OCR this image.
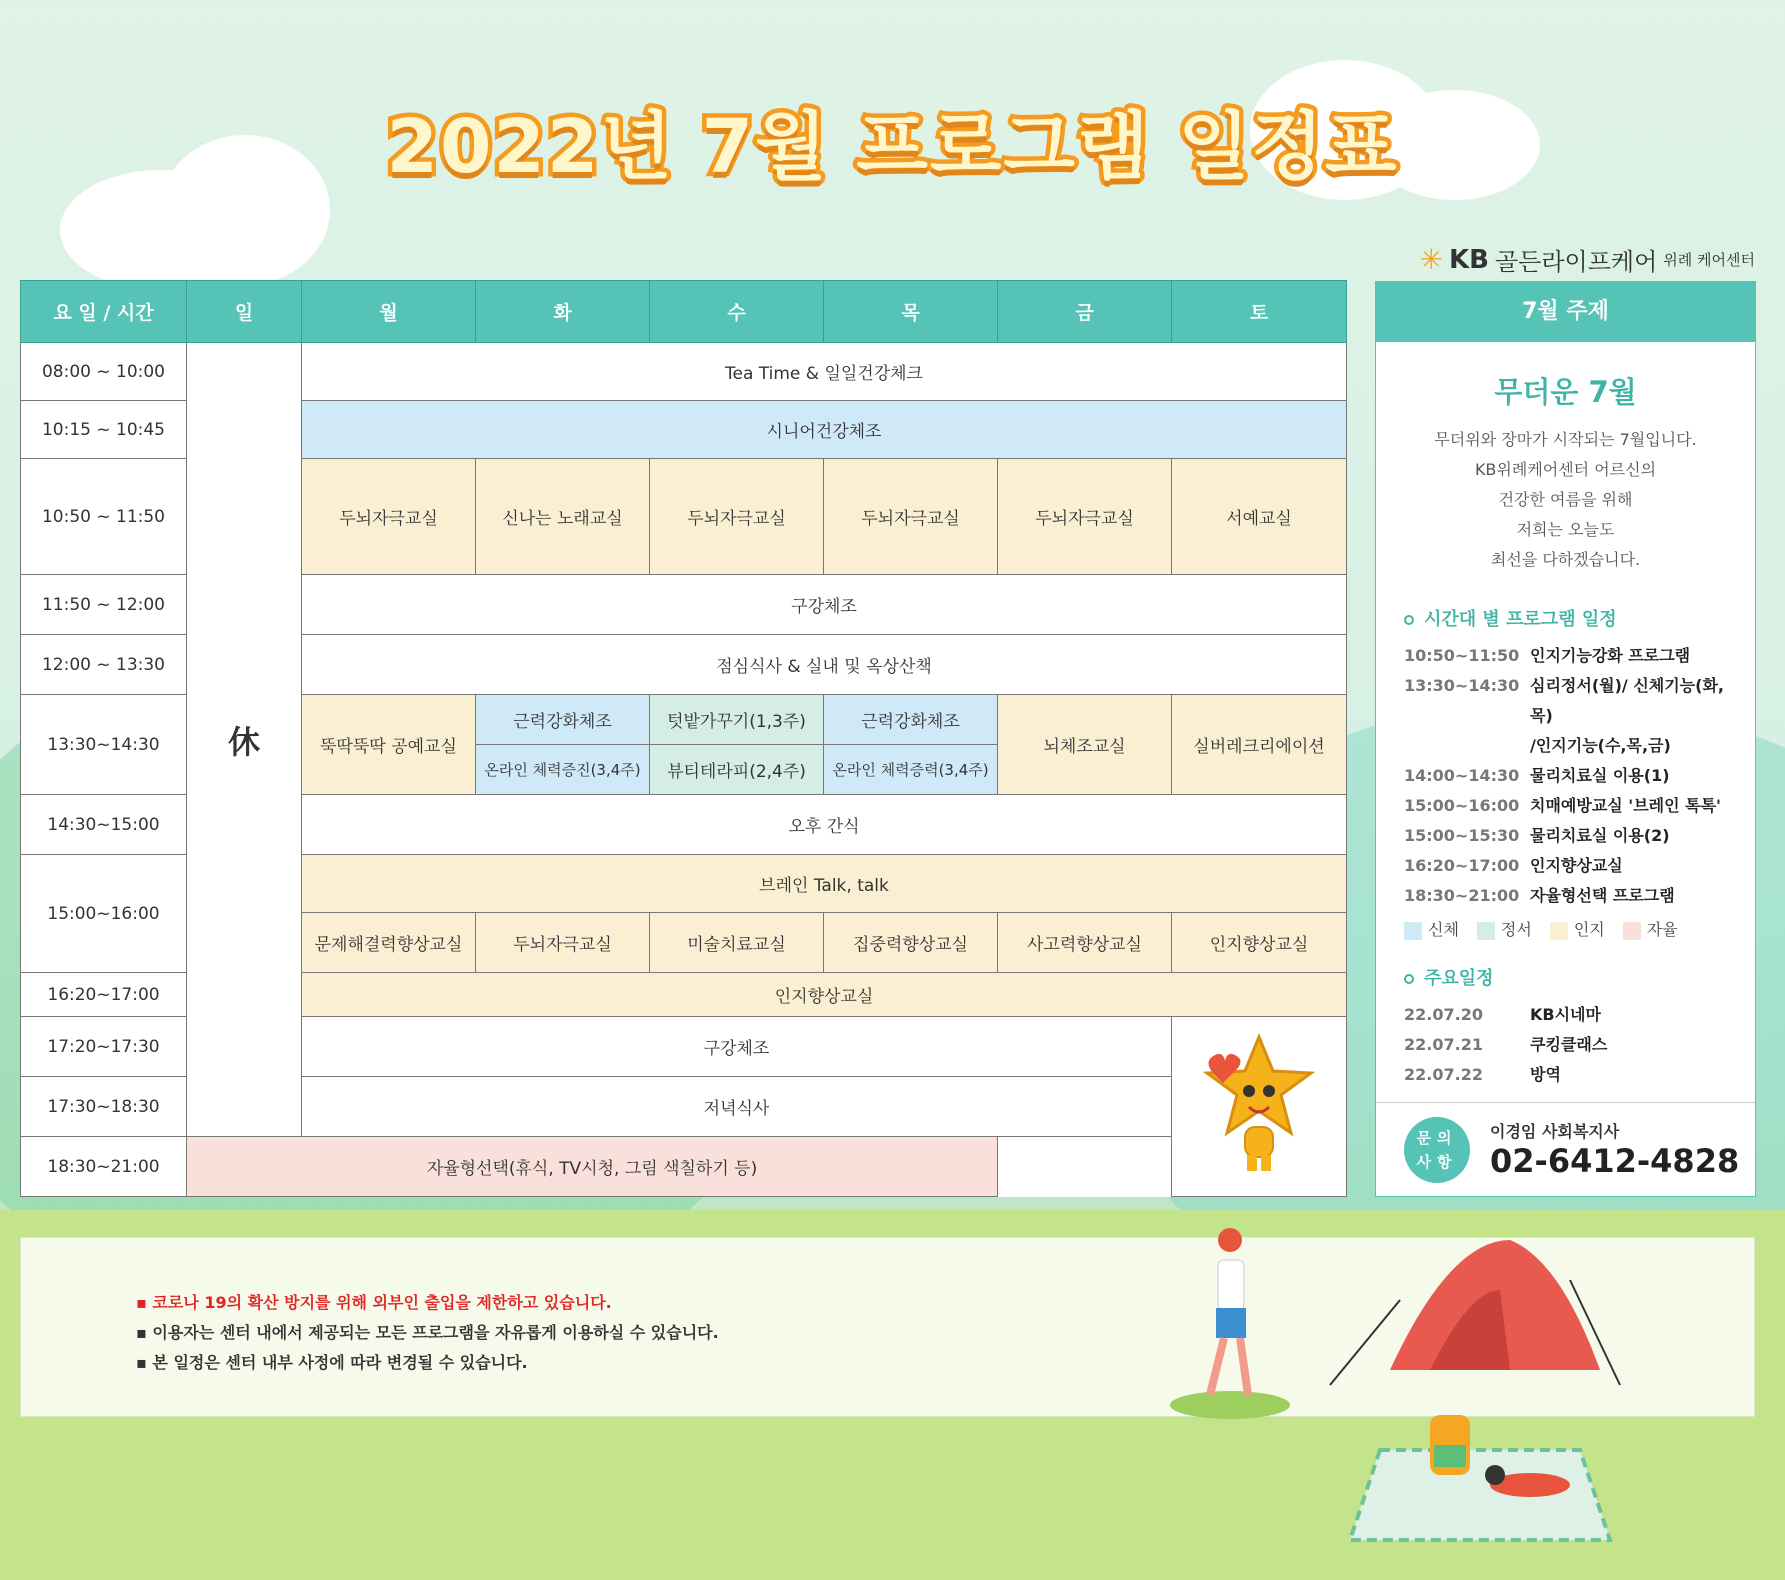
2022년 7월 프로그램 일정표
✳ KB 골든라이프케어 위례 케어센터
요 일 / 시간	일	월	화	수	목	금	토
08:00 ~ 10:00	休	Tea Time & 일일건강체크					
10:15 ~ 10:45		시니어건강체조					
10:50 ~ 11:50		두뇌자극교실	신나는 노래교실	두뇌자극교실	두뇌자극교실	두뇌자극교실	서예교실
11:50 ~ 12:00		구강체조					
12:00 ~ 13:30		점심식사 & 실내 및 옥상산책					
13:30~14:30		뚝딱뚝딱 공예교실	근력강화체조	텃밭가꾸기(1,3주)	근력강화체조	뇌체조교실	실버레크리에이션
			온라인 체력증진(3,4주)	뷰티테라피(2,4주)	온라인 체력증력(3,4주)		
14:30~15:00		오후 간식					
15:00~16:00		브레인 Talk, talk					
		문제해결력향상교실	두뇌자극교실	미술치료교실	집중력향상교실	사고력향상교실	인지향상교실
16:20~17:00		인지향상교실					
17:20~17:30		구강체조	
17:30~18:30		저녁식사					
18:30~21:00	자율형선택(휴식, TV시청, 그림 색칠하기 등)						
7월 주제
무더운 7월
무더위와 장마가 시작되는 7월입니다.
KB위례케어센터 어르신의
건강한 여름을 위해
저희는 오늘도
최선을 다하겠습니다.
시간대 별 프로그램 일정
10:50~11:50 인지기능강화 프로그램
13:30~14:30 심리정서(월)/ 신체기능(화,목)
/인지기능(수,목,금)
14:00~14:30 물리치료실 이용(1)
15:00~16:00 치매예방교실 '브레인 톡톡'
15:00~15:30 물리치료실 이용(2)
16:20~17:00 인지향상교실
18:30~21:00 자율형선택 프로그램
신체	정서	인지	자율
주요일정
22.07.20	KB시네마
22.07.21	쿠킹클래스
22.07.22	방역
문의
사항
이경임 사회복지사
02-6412-4828
▪ 코로나 19의 확산 방지를 위해 외부인 출입을 제한하고 있습니다.
▪ 이용자는 센터 내에서 제공되는 모든 프로그램을 자유롭게 이용하실 수 있습니다.
▪ 본 일정은 센터 내부 사정에 따라 변경될 수 있습니다.
